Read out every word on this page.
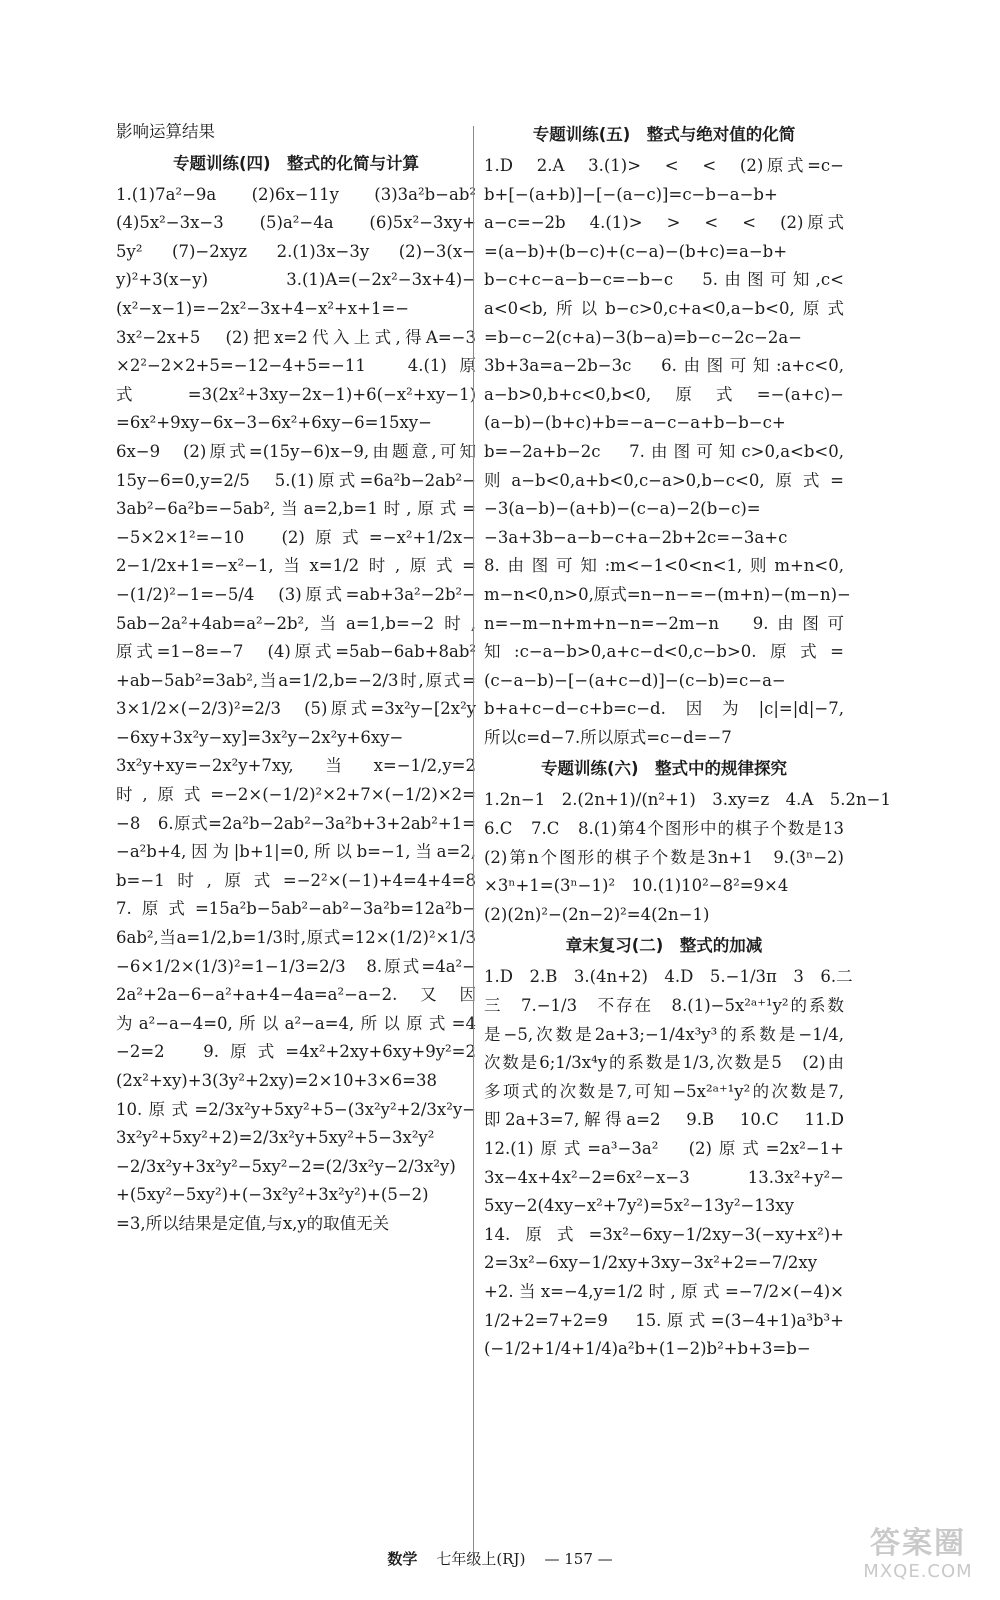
影响运算结果
专题训练(四)　整式的化简与计算
1.(1)7a²−9a　(2)6x−11y　(3)3a²b−ab²
(4)5x²−3x−3　(5)a²−4a　(6)5x²−3xy+
5y²　(7)−2xyz　2.(1)3x−3y　(2)−3(x−
y)²+3(x−y)　3.(1)A=(−2x²−3x+4)−
(x²−x−1)=−2x²−3x+4−x²+x+1=−
3x²−2x+5　(2)把x=2代入上式,得A=−3
×2²−2×2+5=−12−4+5=−11　4.(1)原
式=3(2x²+3xy−2x−1)+6(−x²+xy−1)
=6x²+9xy−6x−3−6x²+6xy−6=15xy−
6x−9　(2)原式=(15y−6)x−9,由题意,可知
15y−6=0,y=2/5　5.(1)原式=6a²b−2ab²−
3ab²−6a²b=−5ab²,当a=2,b=1时,原式=
−5×2×1²=−10　(2)原式=−x²+1/2x−
2−1/2x+1=−x²−1,当x=1/2时,原式=
−(1/2)²−1=−5/4　(3)原式=ab+3a²−2b²−
5ab−2a²+4ab=a²−2b²,当a=1,b=−2时,
原式=1−8=−7　(4)原式=5ab−6ab+8ab²
+ab−5ab²=3ab²,当a=1/2,b=−2/3时,原式=
3×1/2×(−2/3)²=2/3　(5)原式=3x²y−[2x²y
−6xy+3x²y−xy]=3x²y−2x²y+6xy−
3x²y+xy=−2x²y+7xy,当x=−1/2,y=2
时,原式=−2×(−1/2)²×2+7×(−1/2)×2=
−8　6.原式=2a²b−2ab²−3a²b+3+2ab²+1=
−a²b+4,因为|b+1|=0,所以b=−1,当a=2,
b=−1时,原式=−2²×(−1)+4=4+4=8
7.原式=15a²b−5ab²−ab²−3a²b=12a²b−
6ab²,当a=1/2,b=1/3时,原式=12×(1/2)²×1/3
−6×1/2×(1/3)²=1−1/3=2/3　8.原式=4a²−
2a²+2a−6−a²+a+4−4a=a²−a−2.又因
为a²−a−4=0,所以a²−a=4,所以原式=4
−2=2　9.原式=4x²+2xy+6xy+9y²=2
(2x²+xy)+3(3y²+2xy)=2×10+3×6=38
10.原式=2/3x²y+5xy²+5−(3x²y²+2/3x²y−
3x²y²+5xy²+2)=2/3x²y+5xy²+5−3x²y²
−2/3x²y+3x²y²−5xy²−2=(2/3x²y−2/3x²y)
+(5xy²−5xy²)+(−3x²y²+3x²y²)+(5−2)
=3,所以结果是定值,与x,y的取值无关
专题训练(五)　整式与绝对值的化简
1.D　2.A　3.(1)>　<　<　(2)原式=c−
b+[−(a+b)]−[−(a−c)]=c−b−a−b+
a−c=−2b　4.(1)>　>　<　<　(2)原式
=(a−b)+(b−c)+(c−a)−(b+c)=a−b+
b−c+c−a−b−c=−b−c　5.由图可知,c<
a<0<b,所以b−c>0,c+a<0,a−b<0,原式
=b−c−2(c+a)−3(b−a)=b−c−2c−2a−
3b+3a=a−2b−3c　6.由图可知:a+c<0,
a−b>0,b+c<0,b<0,原式=−(a+c)−
(a−b)−(b+c)+b=−a−c−a+b−b−c+
b=−2a+b−2c　7.由图可知c>0,a<b<0,
则a−b<0,a+b<0,c−a>0,b−c<0,原式=
−3(a−b)−(a+b)−(c−a)−2(b−c)=
−3a+3b−a−b−c+a−2b+2c=−3a+c
8.由图可知:m<−1<0<n<1,则m+n<0,
m−n<0,n>0,原式=n−n−=−(m+n)−(m−n)−
n=−m−n+m+n−n=−2m−n　9.由图可
知:c−a−b>0,a+c−d<0,c−b>0.原式=
(c−a−b)−[−(a+c−d)]−(c−b)=c−a−
b+a+c−d−c+b=c−d.因为|c|=|d|−7,
所以c=d−7.所以原式=c−d=−7
专题训练(六)　整式中的规律探究
1.2n−1　2.(2n+1)/(n²+1)　3.xy=z　4.A　5.2n−1
6.C　7.C　8.(1)第4个图形中的棋子个数是13
(2)第n个图形的棋子个数是3n+1　9.(3ⁿ−2)
×3ⁿ+1=(3ⁿ−1)²　10.(1)10²−8²=9×4
(2)(2n)²−(2n−2)²=4(2n−1)
章末复习(二)　整式的加减
1.D　2.B　3.(4n+2)　4.D　5.−1/3π　3　6.二
三　7.−1/3　不存在　8.(1)−5x²ᵃ⁺¹y²的系数
是−5,次数是2a+3;−1/4x³y³的系数是−1/4,
次数是6;1/3x⁴y的系数是1/3,次数是5　(2)由
多项式的次数是7,可知−5x²ᵃ⁺¹y²的次数是7,
即2a+3=7,解得a=2　9.B　10.C　11.D
12.(1)原式=a³−3a²　(2)原式=2x²−1+
3x−4x+4x²−2=6x²−x−3　13.3x²+y²−
5xy−2(4xy−x²+7y²)=5x²−13y²−13xy
14.原式=3x²−6xy−1/2xy−3(−xy+x²)+
2=3x²−6xy−1/2xy+3xy−3x²+2=−7/2xy
+2.当x=−4,y=1/2时,原式=−7/2×(−4)×
1/2+2=7+2=9　15.原式=(3−4+1)a³b³+
(−1/2+1/4+1/4)a²b+(1−2)b²+b+3=b−
数学 七年级上(RJ) — 157 —	答案圈
MXQE.COM
